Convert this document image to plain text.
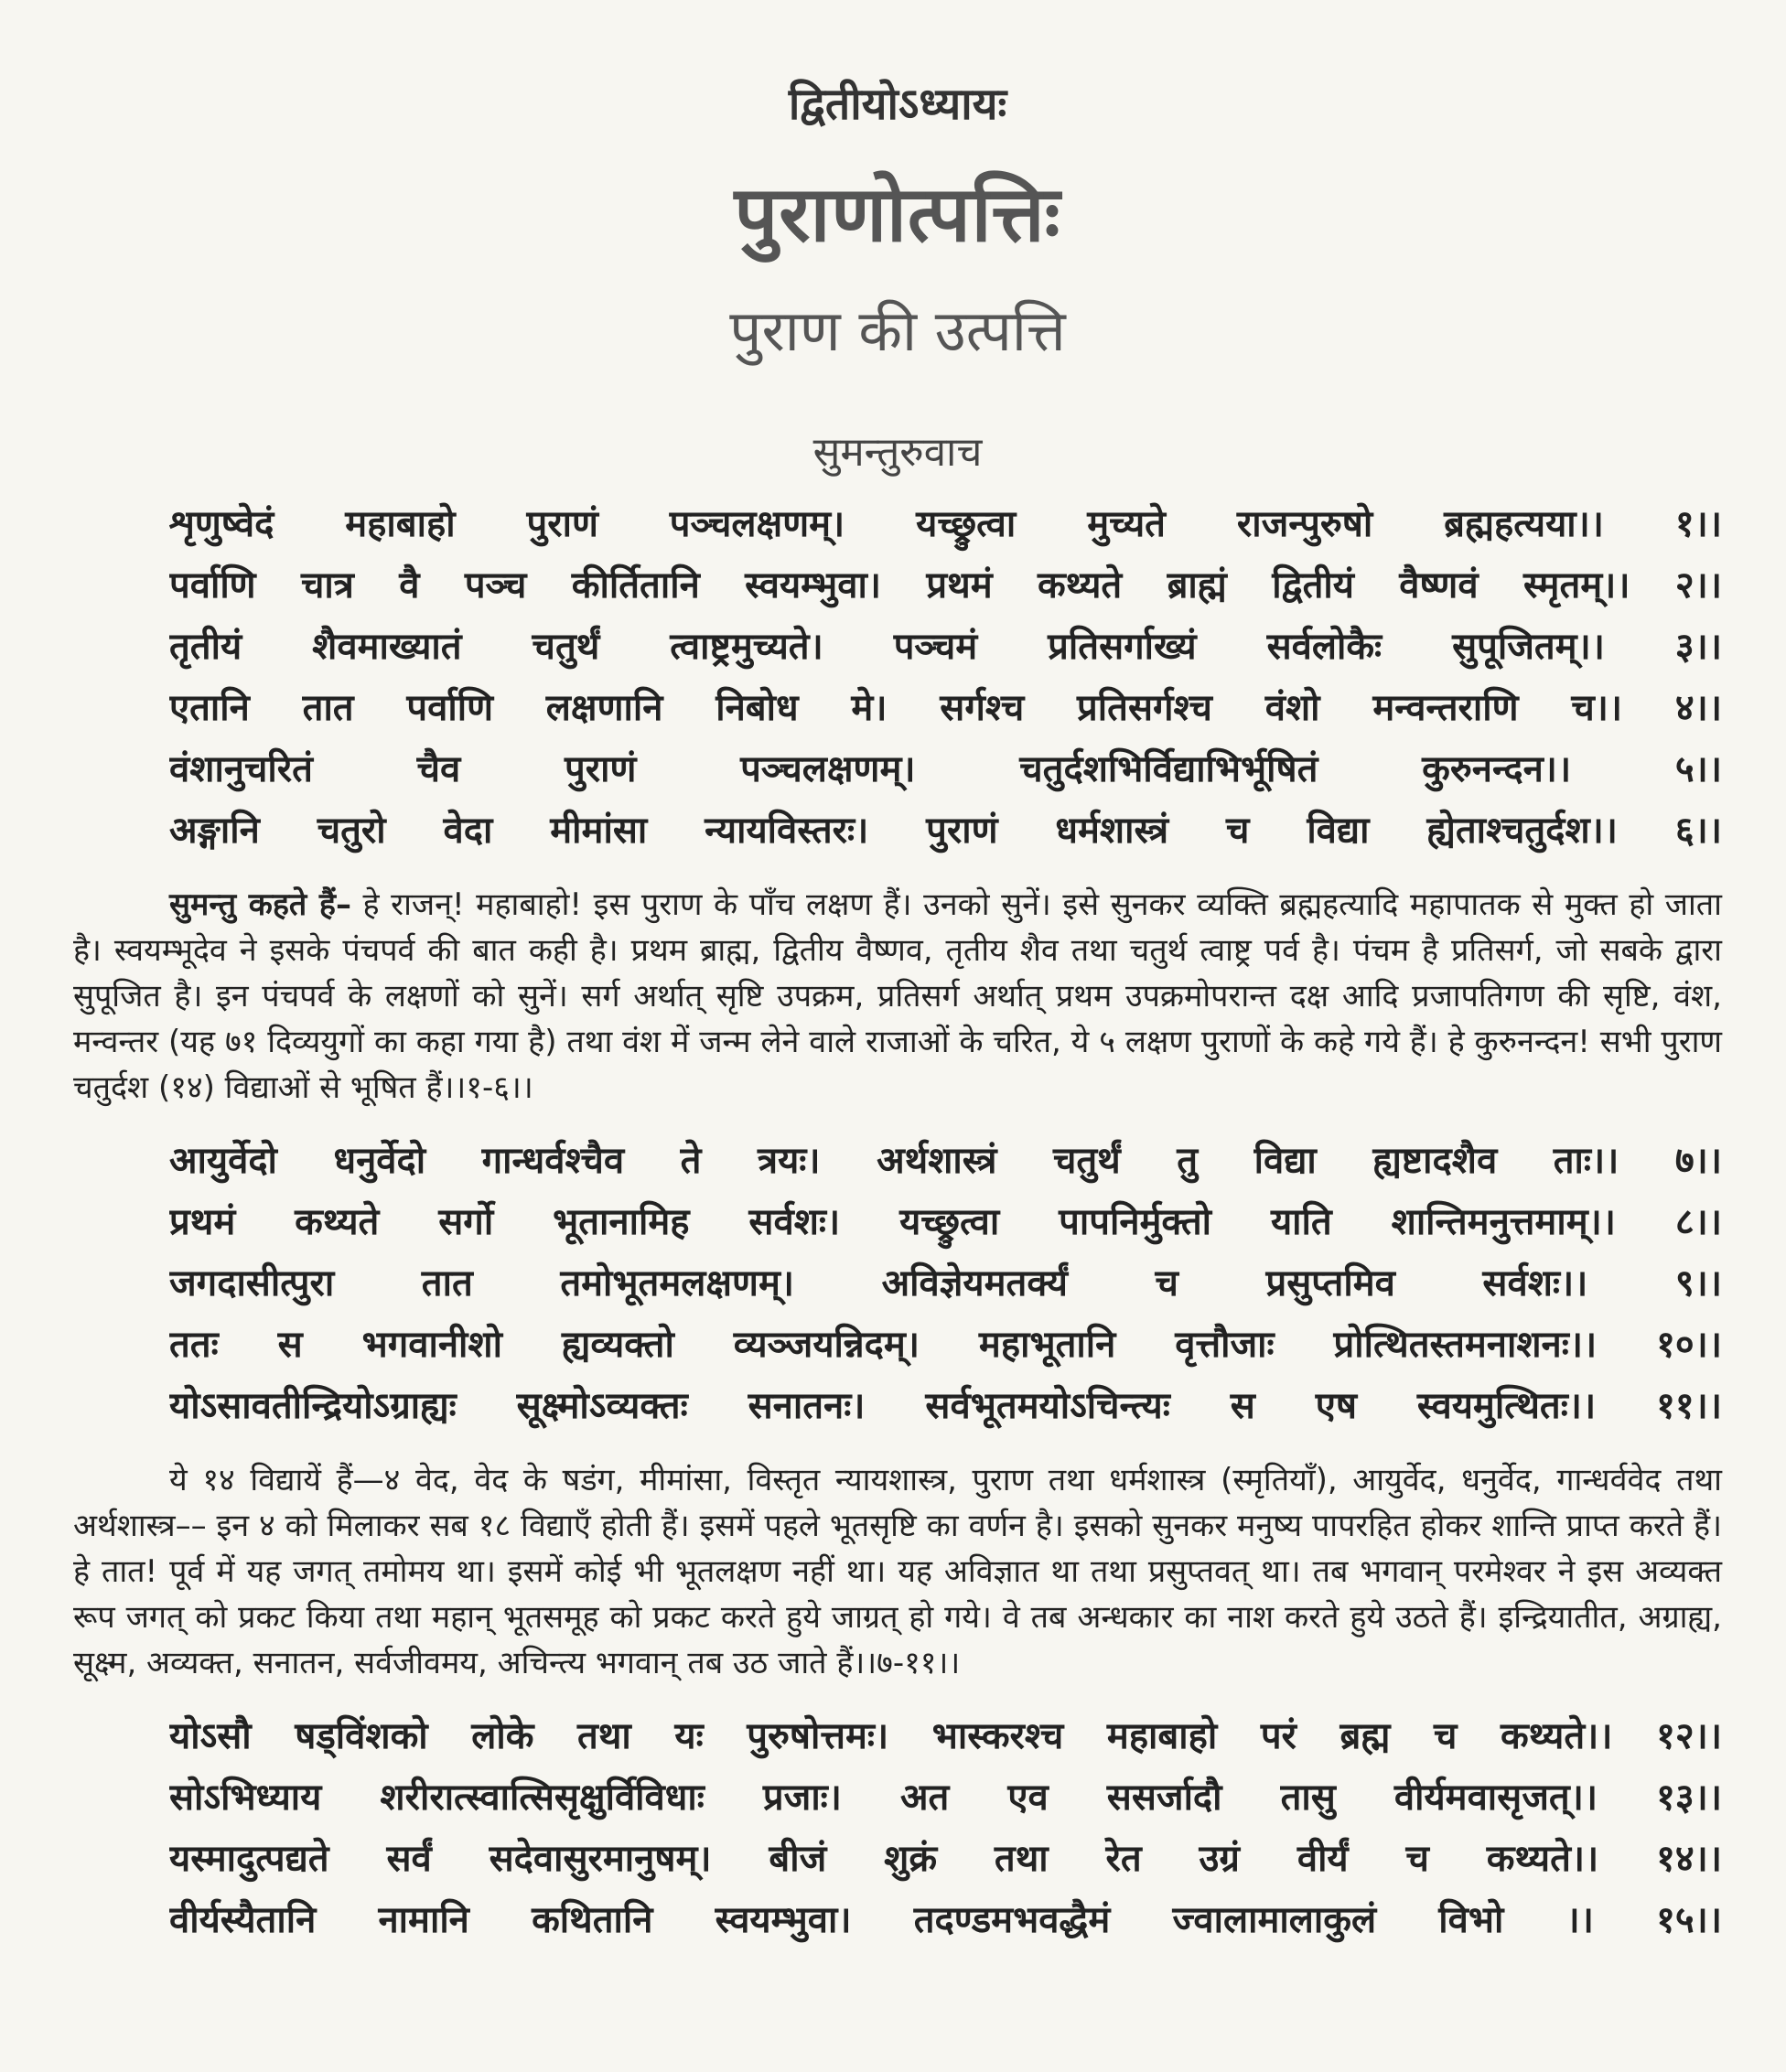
द्वितीयोऽध्यायः
पुराणोत्पत्तिः
पुराण की उत्पत्ति
सुमन्तुरुवाच
शृणुष्वेदं महाबाहो पुराणं पञ्चलक्षणम्। यच्छ्रुत्वा मुच्यते राजन्पुरुषो ब्रह्महत्यया।। १।।
पर्वाणि चात्र वै पञ्च कीर्तितानि स्वयम्भुवा। प्रथमं कथ्यते ब्राह्मं द्वितीयं वैष्णवं स्मृतम्।। २।।
तृतीयं शैवमाख्यातं चतुर्थं त्वाष्ट्रमुच्यते। पञ्चमं प्रतिसर्गाख्यं सर्वलोकैः सुपूजितम्।। ३।।
एतानि तात पर्वाणि लक्षणानि निबोध मे। सर्गश्च प्रतिसर्गश्च वंशो मन्वन्तराणि च।। ४।।
वंशानुचरितं चैव पुराणं पञ्चलक्षणम्। चतुर्दशभिर्विद्याभिर्भूषितं कुरुनन्दन।। ५।।
अङ्गानि चतुरो वेदा मीमांसा न्यायविस्तरः। पुराणं धर्मशास्त्रं च विद्या ह्येताश्चतुर्दश।। ६।।

सुमन्तु कहते हैं– हे राजन्! महाबाहो! इस पुराण के पाँच लक्षण हैं। उनको सुनें। इसे सुनकर व्यक्ति ब्रह्महत्यादि महापातक से मुक्त हो जाता है। स्वयम्भूदेव ने इसके पंचपर्व की बात कही है। प्रथम ब्राह्म, द्वितीय वैष्णव, तृतीय शैव तथा चतुर्थ त्वाष्ट्र पर्व है। पंचम है प्रतिसर्ग, जो सबके द्वारा सुपूजित है। इन पंचपर्व के लक्षणों को सुनें। सर्ग अर्थात् सृष्टि उपक्रम, प्रतिसर्ग अर्थात् प्रथम उपक्रमोपरान्त दक्ष आदि प्रजापतिगण की सृष्टि, वंश, मन्वन्तर (यह ७१ दिव्ययुगों का कहा गया है) तथा वंश में जन्म लेने वाले राजाओं के चरित, ये ५ लक्षण पुराणों के कहे गये हैं। हे कुरुनन्दन! सभी पुराण चतुर्दश (१४) विद्याओं से भूषित हैं।।१-६।।

आयुर्वेदो धनुर्वेदो गान्धर्वश्चैव ते त्रयः। अर्थशास्त्रं चतुर्थं तु विद्या ह्यष्टादशैव ताः।। ७।।
प्रथमं कथ्यते सर्गो भूतानामिह सर्वशः। यच्छ्रुत्वा पापनिर्मुक्तो याति शान्तिमनुत्तमाम्।। ८।।
जगदासीत्पुरा तात तमोभूतमलक्षणम्। अविज्ञेयमतर्क्यं च प्रसुप्तमिव सर्वशः।। ९।।
ततः स भगवानीशो ह्यव्यक्तो व्यञ्जयन्निदम्। महाभूतानि वृत्तौजाः प्रोत्थितस्तमनाशनः।। १०।।
योऽसावतीन्द्रियोऽग्राह्यः सूक्ष्मोऽव्यक्तः सनातनः। सर्वभूतमयोऽचिन्त्यः स एष स्वयमुत्थितः।। ११।।

ये १४ विद्यायें हैं—४ वेद, वेद के षडंग, मीमांसा, विस्तृत न्यायशास्त्र, पुराण तथा धर्मशास्त्र (स्मृतियाँ), आयुर्वेद, धनुर्वेद, गान्धर्ववेद तथा अर्थशास्त्र–– इन ४ को मिलाकर सब १८ विद्याएँ होती हैं। इसमें पहले भूतसृष्टि का वर्णन है। इसको सुनकर मनुष्य पापरहित होकर शान्ति प्राप्त करते हैं। हे तात! पूर्व में यह जगत् तमोमय था। इसमें कोई भी भूतलक्षण नहीं था। यह अविज्ञात था तथा प्रसुप्तवत् था। तब भगवान् परमेश्वर ने इस अव्यक्त रूप जगत् को प्रकट किया तथा महान् भूतसमूह को प्रकट करते हुये जाग्रत् हो गये। वे तब अन्धकार का नाश करते हुये उठते हैं। इन्द्रियातीत, अग्राह्य, सूक्ष्म, अव्यक्त, सनातन, सर्वजीवमय, अचिन्त्य भगवान् तब उठ जाते हैं।।७-११।।

योऽसौ षड्विंशको लोके तथा यः पुरुषोत्तमः। भास्करश्च महाबाहो परं ब्रह्म च कथ्यते।। १२।।
सोऽभिध्याय शरीरात्स्वात्सिसृक्षुर्विविधाः प्रजाः। अत एव ससर्जादौ तासु वीर्यमवासृजत्।। १३।।
यस्मादुत्पद्यते सर्वं सदेवासुरमानुषम्। बीजं शुक्रं तथा रेत उग्रं वीर्यं च कथ्यते।। १४।।
वीर्यस्यैतानि नामानि कथितानि स्वयम्भुवा। तदण्डमभवद्धैमं ज्वालामालाकुलं विभो ।। १५।।
